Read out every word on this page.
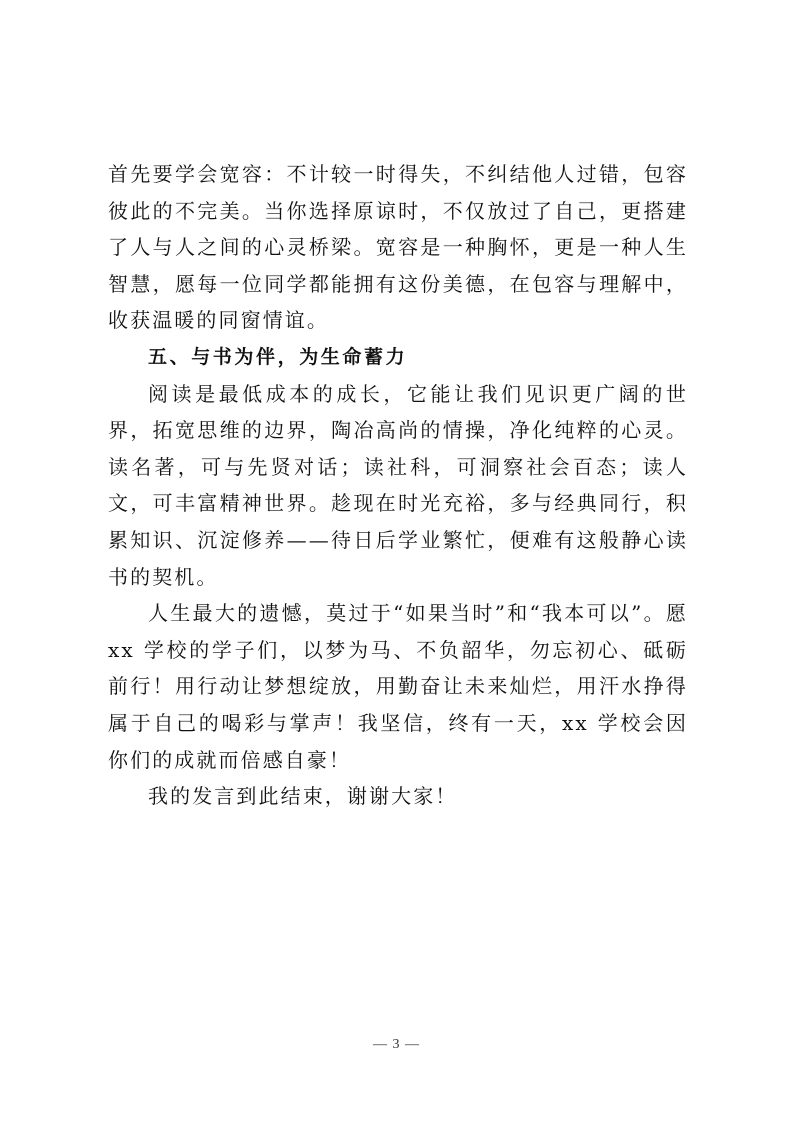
首先要学会宽容：不计较一时得失，不纠结他人过错，包容彼此的不完美。当你选择原谅时，不仅放过了自己，更搭建了人与人之间的心灵桥梁。宽容是一种胸怀，更是一种人生智慧，愿每一位同学都能拥有这份美德，在包容与理解中，收获温暖的同窗情谊。

五、与书为伴，为生命蓄力

阅读是最低成本的成长，它能让我们见识更广阔的世界，拓宽思维的边界，陶冶高尚的情操，净化纯粹的心灵。读名著，可与先贤对话；读社科，可洞察社会百态；读人文，可丰富精神世界。趁现在时光充裕，多与经典同行，积累知识、沉淀修养——待日后学业繁忙，便难有这般静心读书的契机。

人生最大的遗憾，莫过于“如果当时”和“我本可以”。愿 xx 学校的学子们，以梦为马、不负韶华，勿忘初心、砥砺前行！用行动让梦想绽放，用勤奋让未来灿烂，用汗水挣得属于自己的喝彩与掌声！我坚信，终有一天，xx 学校会因你们的成就而倍感自豪！

我的发言到此结束，谢谢大家！

— 3 —
